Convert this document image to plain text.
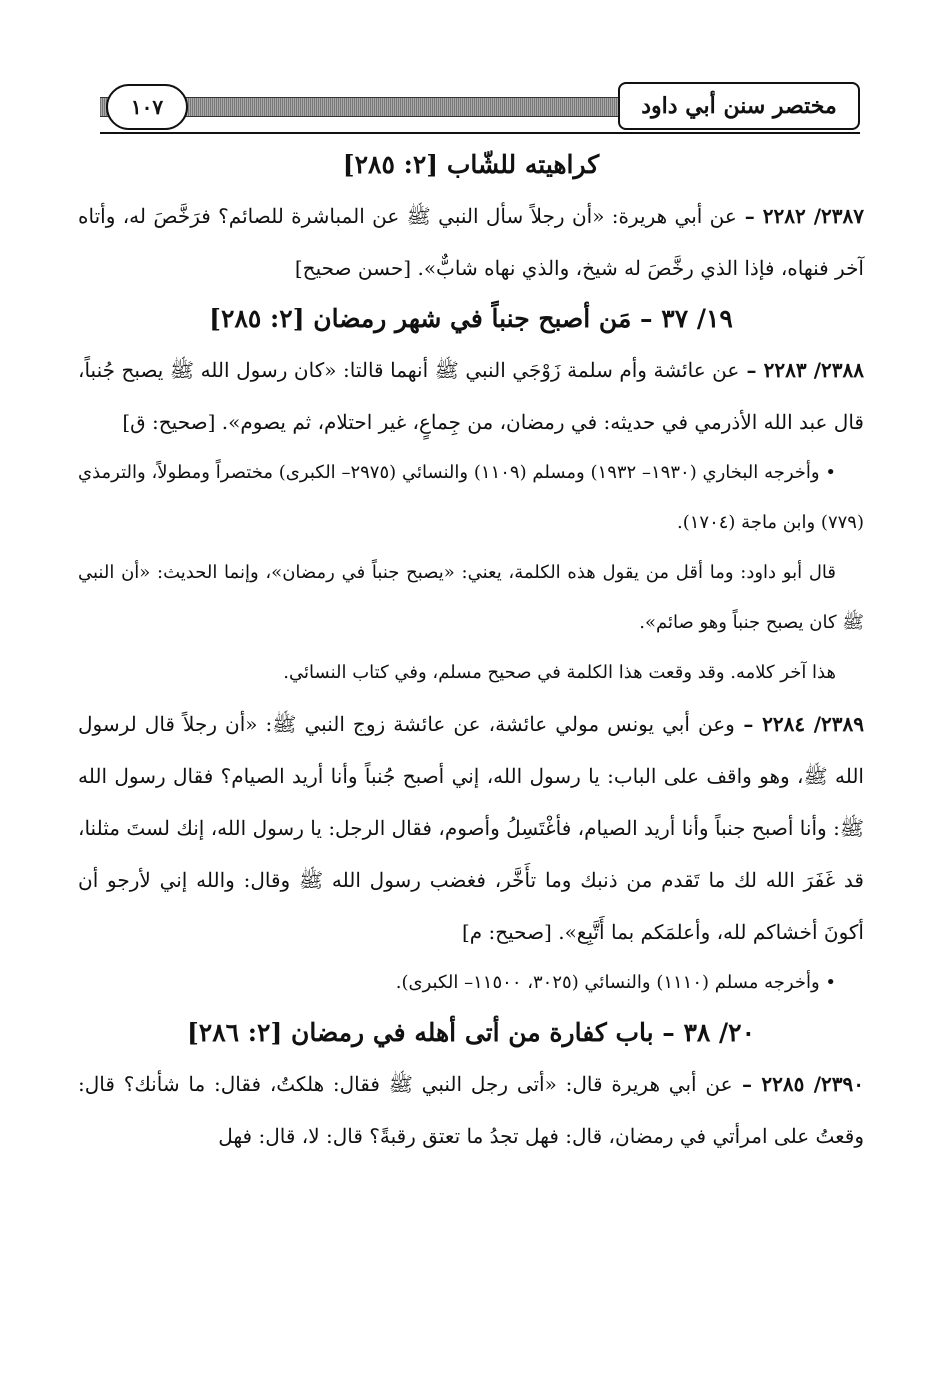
١٠٧	مختصر سنن أبي داود
كراهيته للشّاب [٢: ٢٨٥]

٢٣٨٧/ ٢٢٨٢ – عن أبي هريرة: «أن رجلاً سأل النبي ﷺ عن المباشرة للصائم؟ فرَخَّصَ له، وأتاه آخر فنهاه، فإذا الذي رخَّصَ له شيخ، والذي نهاه شابٌّ». [حسن صحيح]

١٩/ ٣٧ – مَن أصبح جنباً في شهر رمضان [٢: ٢٨٥]

٢٣٨٨/ ٢٢٨٣ – عن عائشة وأم سلمة زَوْجَي النبي ﷺ أنهما قالتا: «كان رسول الله ﷺ يصبح جُنباً، قال عبد الله الأذرمي في حديثه: في رمضان، من جِماعٍ، غير احتلام، ثم يصوم». [صحيح: ق]

• وأخرجه البخاري (١٩٣٠– ١٩٣٢) ومسلم (١١٠٩) والنسائي (٢٩٧٥– الكبرى) مختصراً ومطولاً، والترمذي (٧٧٩) وابن ماجة (١٧٠٤).

قال أبو داود: وما أقل من يقول هذه الكلمة، يعني: «يصبح جنباً في رمضان»، وإنما الحديث: «أن النبي ﷺ كان يصبح جنباً وهو صائم».

هذا آخر كلامه. وقد وقعت هذا الكلمة في صحيح مسلم، وفي كتاب النسائي.

٢٣٨٩/ ٢٢٨٤ – وعن أبي يونس مولي عائشة، عن عائشة زوج النبي ﷺ: «أن رجلاً قال لرسول الله ﷺ، وهو واقف على الباب: يا رسول الله، إني أصبح جُنباً وأنا أريد الصيام؟ فقال رسول الله ﷺ: وأنا أصبح جنباً وأنا أريد الصيام، فأغْتَسِلُ وأصوم، فقال الرجل: يا رسول الله، إنك لستَ مثلنا، قد غَفَرَ الله لك ما تَقدم من ذنبك وما تأَخَّر، فغضب رسول الله ﷺ وقال: والله إني لأرجو أن أكونَ أخشاكم لله، وأعلمَكم بما أَتَّبِع». [صحيح: م]

• وأخرجه مسلم (١١١٠) والنسائي (٣٠٢٥، ١١٥٠٠– الكبرى).

٢٠/ ٣٨ – باب كفارة من أتى أهله في رمضان [٢: ٢٨٦]

٢٣٩٠/ ٢٢٨٥ – عن أبي هريرة قال: «أتى رجل النبي ﷺ فقال: هلكتُ، فقال: ما شأنك؟ قال: وقعتُ على امرأتي في رمضان، قال: فهل تجدُ ما تعتق رقبةً؟ قال: لا، قال: فهل
